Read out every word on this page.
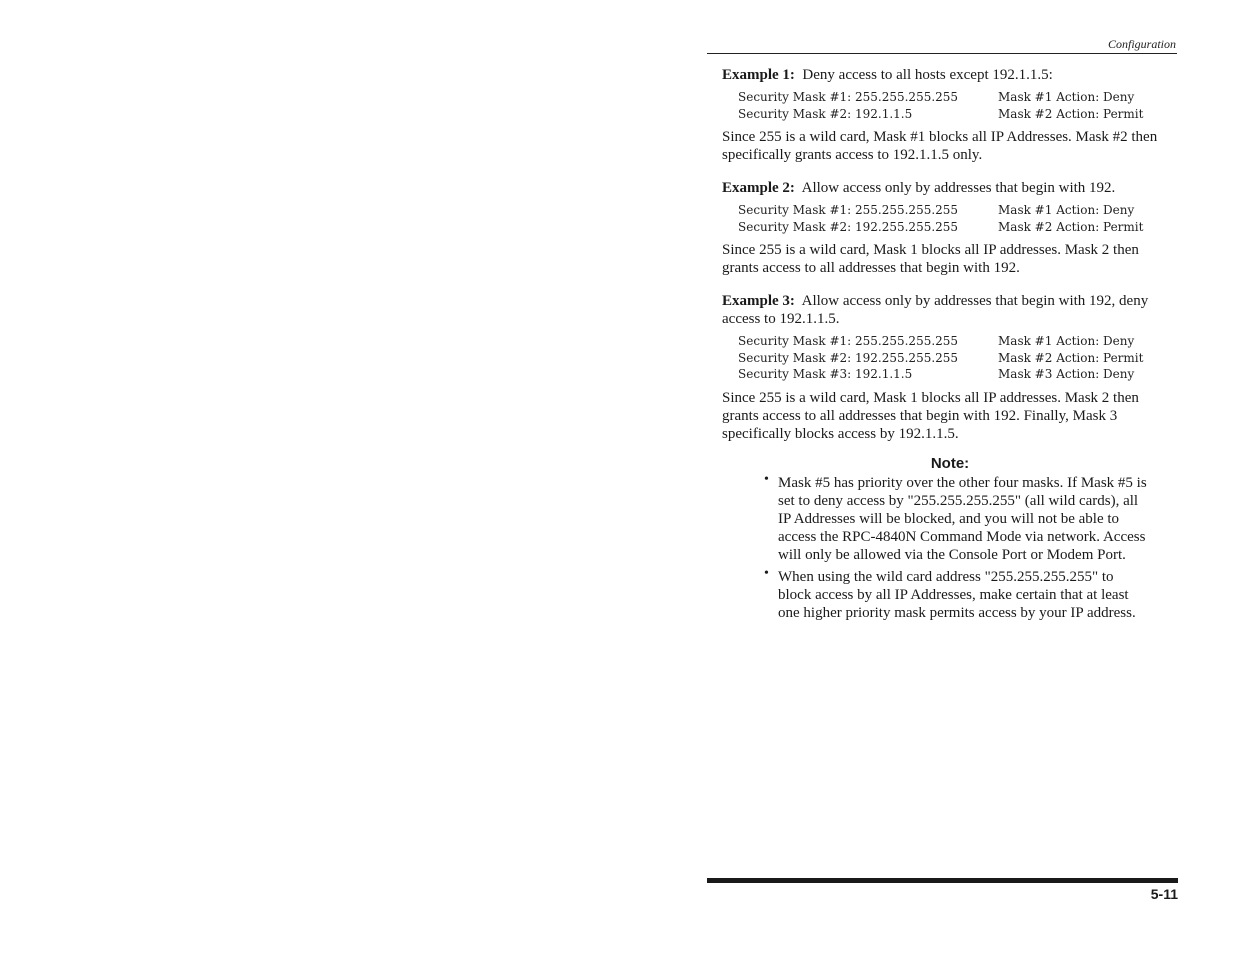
Configuration

Example 1: Deny access to all hosts except 192.1.1.5:

Security Mask #1: 255.255.255.255	Mask #1 Action: Deny
Security Mask #2: 192.1.1.5	Mask #2 Action: Permit

Since 255 is a wild card, Mask #1 blocks all IP Addresses. Mask #2 then specifically grants access to 192.1.1.5 only.

Example 2: Allow access only by addresses that begin with 192.

Security Mask #1: 255.255.255.255	Mask #1 Action: Deny
Security Mask #2: 192.255.255.255	Mask #2 Action: Permit

Since 255 is a wild card, Mask 1 blocks all IP addresses. Mask 2 then grants access to all addresses that begin with 192.

Example 3: Allow access only by addresses that begin with 192, deny access to 192.1.1.5.

Security Mask #1: 255.255.255.255	Mask #1 Action: Deny
Security Mask #2: 192.255.255.255	Mask #2 Action: Permit
Security Mask #3: 192.1.1.5	Mask #3 Action: Deny

Since 255 is a wild card, Mask 1 blocks all IP addresses. Mask 2 then grants access to all addresses that begin with 192. Finally, Mask 3 specifically blocks access by 192.1.1.5.

Note:
• Mask #5 has priority over the other four masks. If Mask #5 is set to deny access by "255.255.255.255" (all wild cards), all IP Addresses will be blocked, and you will not be able to access the RPC-4840N Command Mode via network. Access will only be allowed via the Console Port or Modem Port.
• When using the wild card address "255.255.255.255" to block access by all IP Addresses, make certain that at least one higher priority mask permits access by your IP address.
5-11
